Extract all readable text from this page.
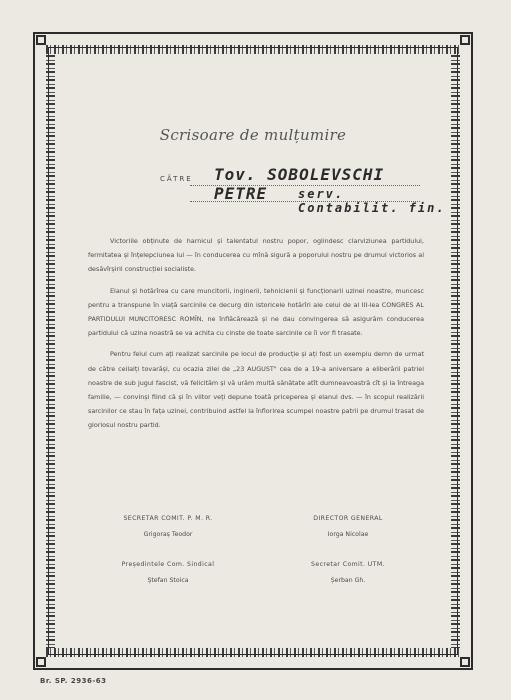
Scrisoare de mulțumire
CĂTRE Tov. SOBOLEVSCHI PETRE	serv. Contabilit. fin.

Victoriile obținute de harnicul și talentatul nostru popor, oglindesc clarviziunea partidului, fermitatea și înțelepciunea lui — în conducerea cu mînă sigură a poporului nostru pe drumul victorios al desăvîrșirii construcției socialiste.

Elanul și hotărîrea cu care muncitorii, inginerii, tehnicienii și funcționarii uzinei noastre, muncesc pentru a transpune în viață sarcinile ce decurg din istoricele hotărîri ale celui de al III-lea CONGRES AL PARTIDULUI MUNCITORESC ROMÎN, ne înflăcărează și ne dau convingerea să asigurăm conducerea partidului că uzina noastră se va achita cu cinste de toate sarcinile ce îi vor fi trasate.

Pentru felul cum ați realizat sarcinile pe locul de producție și ați fost un exemplu demn de urmat de către ceilalți tovarăși, cu ocazia zilei de „23 AUGUST" cea de a 19-a aniversare a eliberării patriei noastre de sub jugul fascist, vă felicităm și vă urăm multă sănătate atît dumneavoastră cît și la întreaga familie, — convinși fiind că și în viitor veți depune toată priceperea și elanul dvs. — în scopul realizării sarcinilor ce stau în fața uzinei, contribuind astfel la înflorirea scumpei noastre patrii pe drumul trasat de gloriosul nostru partid.

SECRETAR COMIT. P. M. R.
Grigoraș Teodor
DIRECTOR GENERAL
Iorga Nicolae
Președintele Com. Sindical
Ștefan Stoica
Secretar Comit. UTM.
Șerban Gh.
Br. SP. 2936-63
